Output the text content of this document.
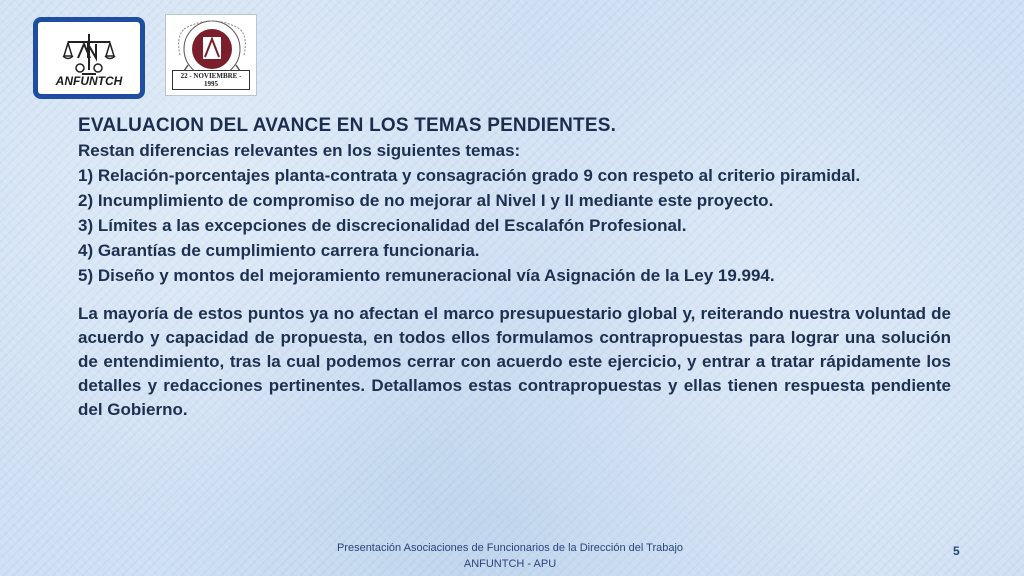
ANFUNTCH	22 - NOVIEMBRE - 1995
EVALUACION DEL AVANCE EN LOS TEMAS PENDIENTES.
Restan diferencias relevantes en los siguientes temas:
1) Relación-porcentajes planta-contrata y consagración grado 9 con respeto al criterio piramidal.
2) Incumplimiento de compromiso de no mejorar al Nivel I y II mediante este proyecto.
3) Límites a las excepciones de discrecionalidad del Escalafón Profesional.
4) Garantías de cumplimiento carrera funcionaria.
5) Diseño y montos del mejoramiento remuneracional vía Asignación de la Ley 19.994.
La mayoría de estos puntos ya no afectan el marco presupuestario global y, reiterando nuestra voluntad de acuerdo y capacidad de propuesta, en todos ellos formulamos contrapropuestas para lograr una solución de entendimiento, tras la cual podemos cerrar con acuerdo este ejercicio, y entrar a tratar rápidamente los detalles y redacciones pertinentes. Detallamos estas contrapropuestas y ellas tienen respuesta pendiente del Gobierno.
Presentación Asociaciones de Funcionarios de la Dirección del Trabajo
ANFUNTCH - APU
5
